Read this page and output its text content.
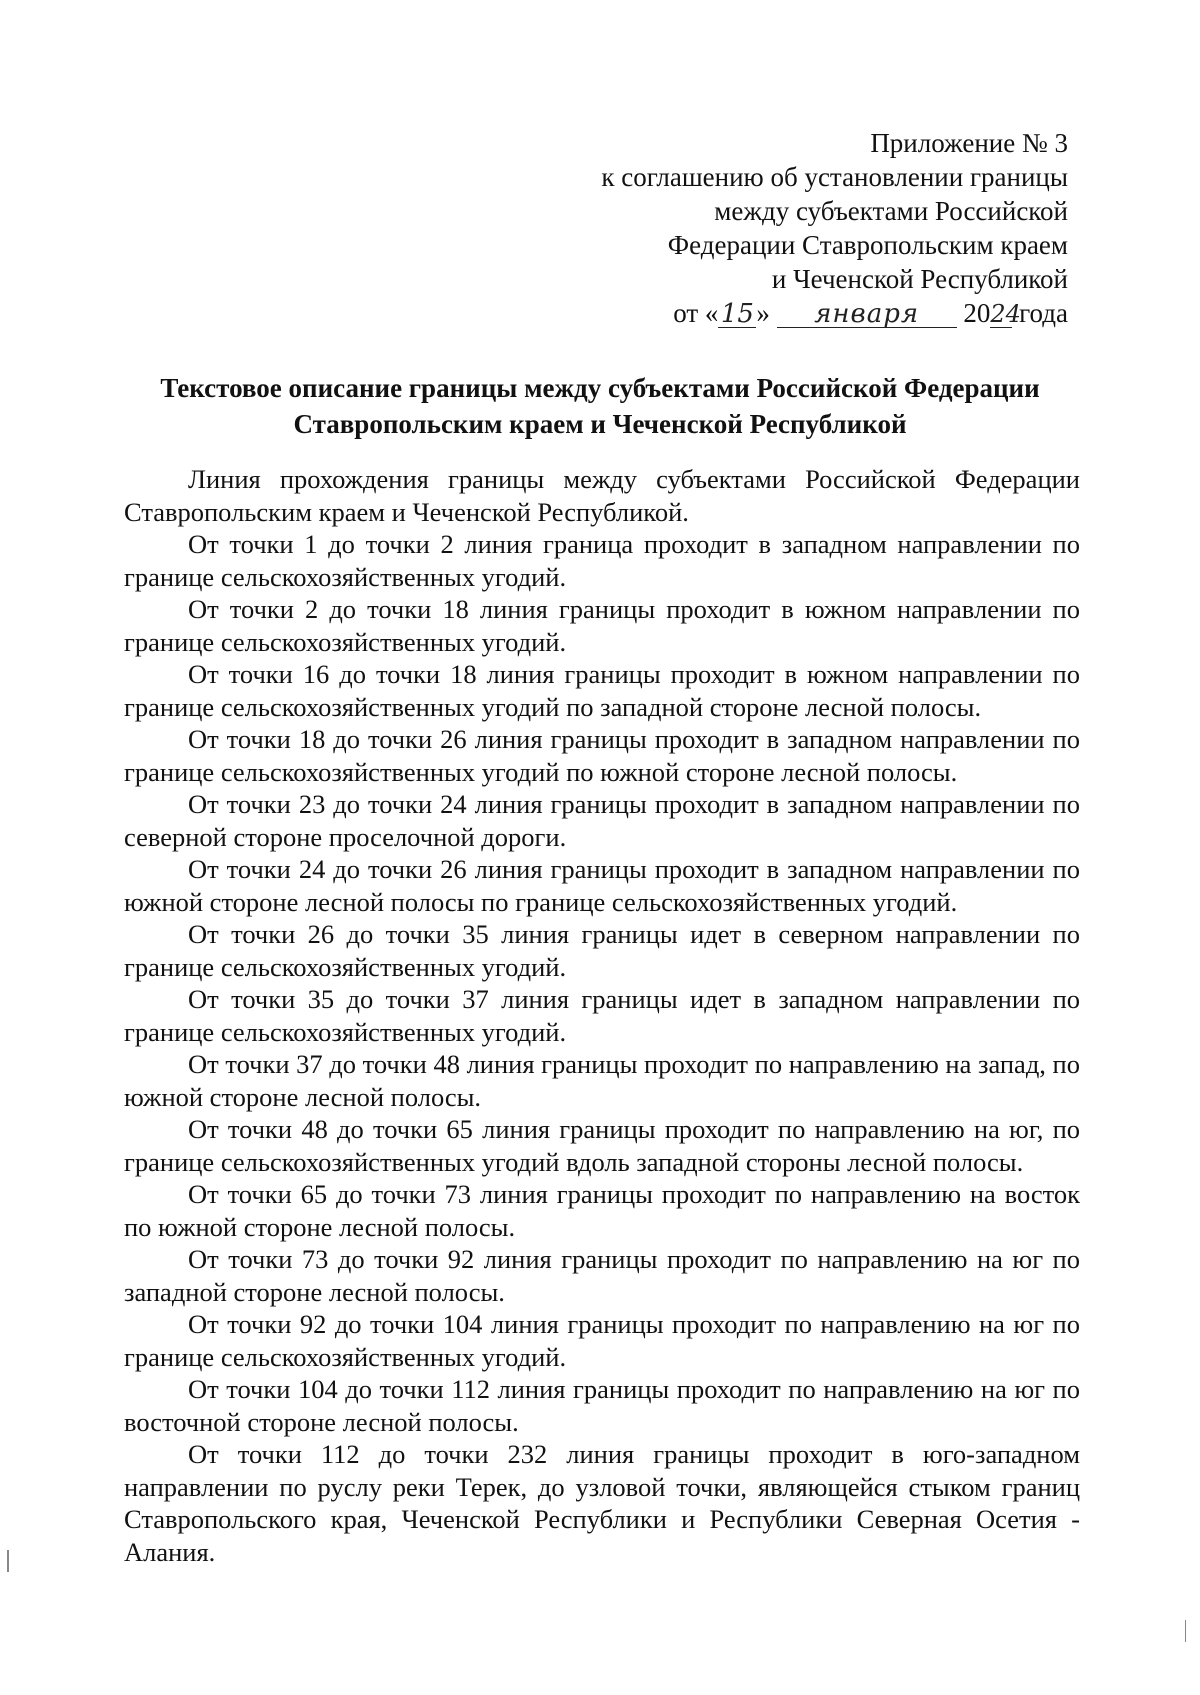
Приложение № 3
к соглашению об установлении границы
между субъектами Российской
Федерации Ставропольским краем
и Чеченской Республикой
от «15» января 2024 года
Текстовое описание границы между субъектами Российской Федерации
Ставропольским краем и Чеченской Республикой

Линия прохождения границы между субъектами Российской Федерации Ставропольским краем и Чеченской Республикой.

От точки 1 до точки 2 линия граница проходит в западном направлении по границе сельскохозяйственных угодий.

От точки 2 до точки 18 линия границы проходит в южном направлении по границе сельскохозяйственных угодий.

От точки 16 до точки 18 линия границы проходит в южном направлении по границе сельскохозяйственных угодий по западной стороне лесной полосы.

От точки 18 до точки 26 линия границы проходит в западном направлении по границе сельскохозяйственных угодий по южной стороне лесной полосы.

От точки 23 до точки 24 линия границы проходит в западном направлении по северной стороне проселочной дороги.

От точки 24 до точки 26 линия границы проходит в западном направлении по южной стороне лесной полосы по границе сельскохозяйственных угодий.

От точки 26 до точки 35 линия границы идет в северном направлении по границе сельскохозяйственных угодий.

От точки 35 до точки 37 линия границы идет в западном направлении по границе сельскохозяйственных угодий.

От точки 37 до точки 48 линия границы проходит по направлению на запад, по южной стороне лесной полосы.

От точки 48 до точки 65 линия границы проходит по направлению на юг, по границе сельскохозяйственных угодий вдоль западной стороны лесной полосы.

От точки 65 до точки 73 линия границы проходит по направлению на восток по южной стороне лесной полосы.

От точки 73 до точки 92 линия границы проходит по направлению на юг по западной стороне лесной полосы.

От точки 92 до точки 104 линия границы проходит по направлению на юг по границе сельскохозяйственных угодий.

От точки 104 до точки 112 линия границы проходит по направлению на юг по восточной стороне лесной полосы.

От точки 112 до точки 232 линия границы проходит в юго-западном направлении по руслу реки Терек, до узловой точки, являющейся стыком границ Ставропольского края, Чеченской Республики и Республики Северная Осетия - Алания.
